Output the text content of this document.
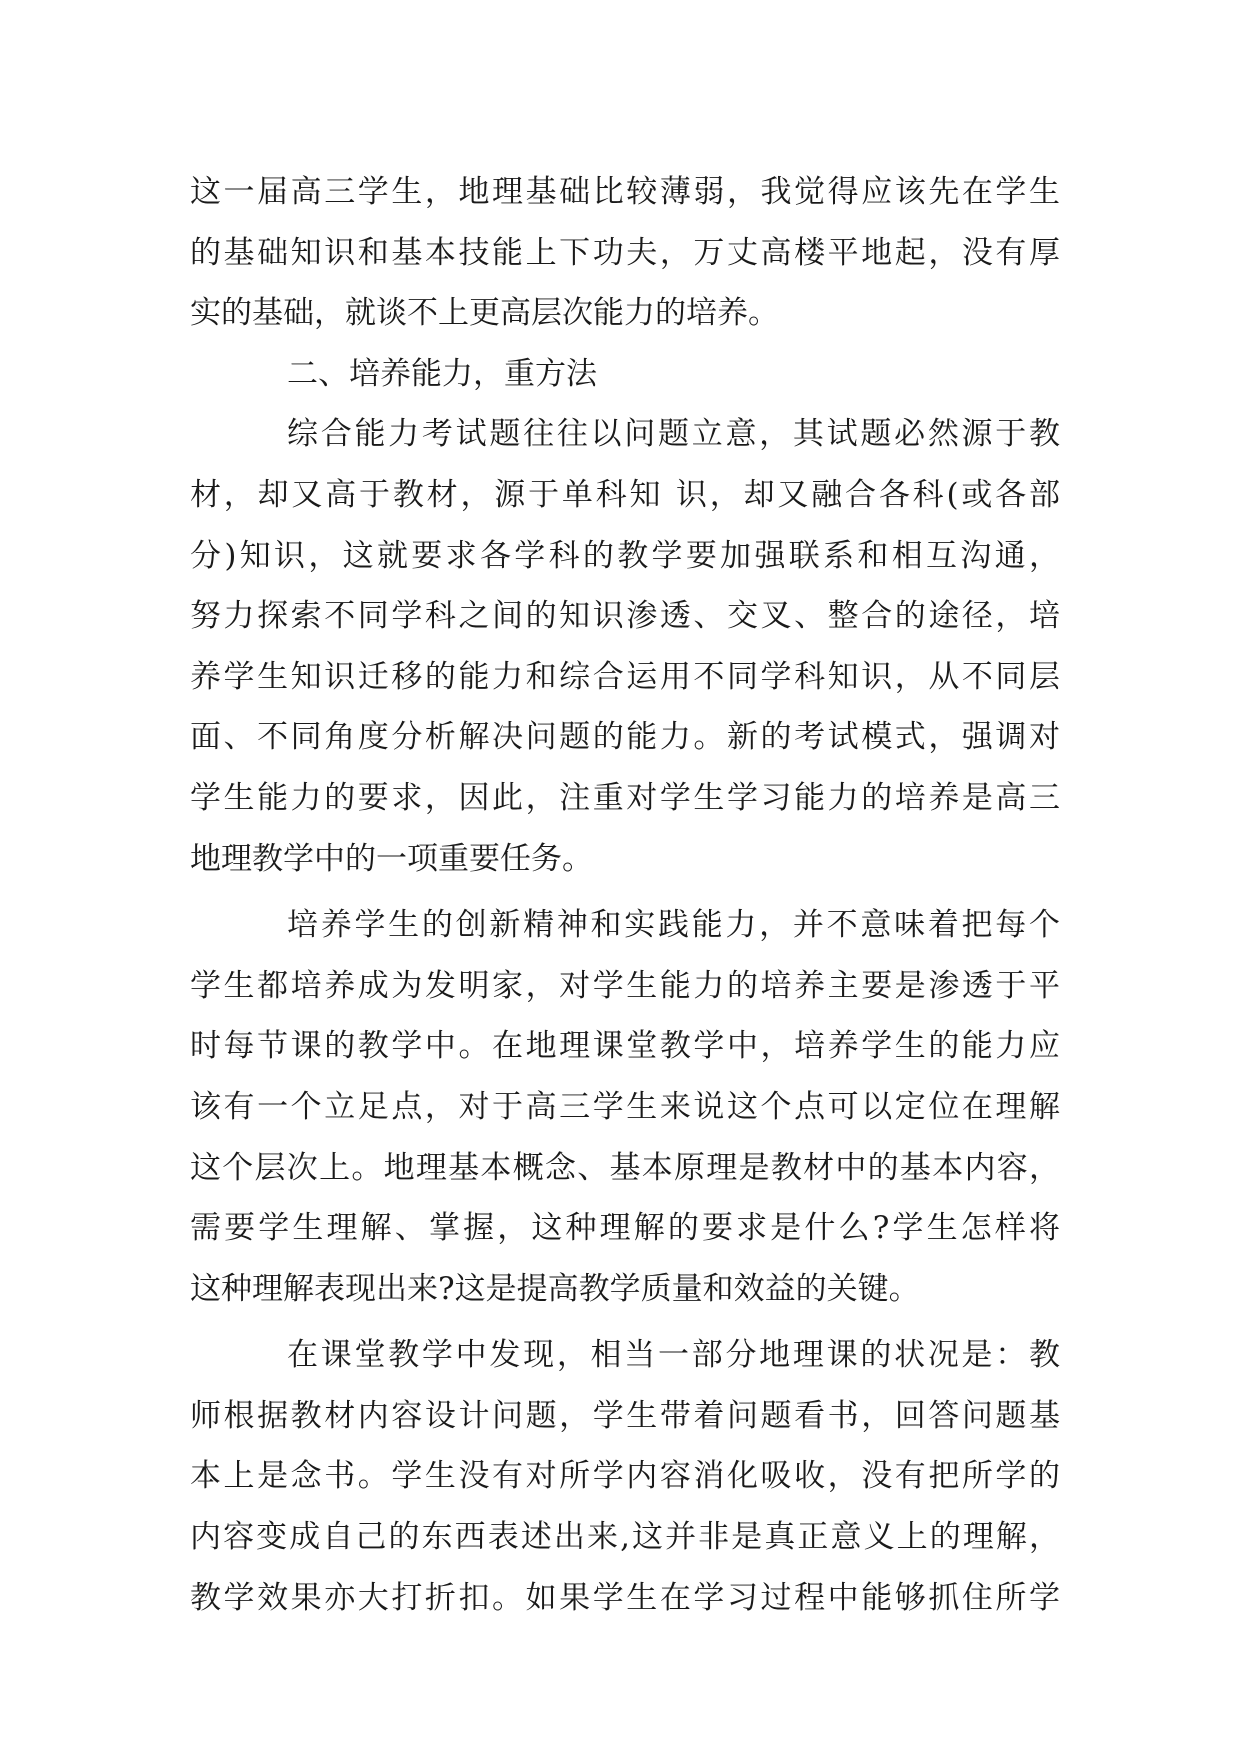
这一届高三学生，地理基础比较薄弱，我觉得应该先在学生
的基础知识和基本技能上下功夫，万丈高楼平地起，没有厚
实的基础，就谈不上更高层次能力的培养。
二、培养能力，重方法
综合能力考试题往往以问题立意，其试题必然源于教
材，却又高于教材，源于单科知 识，却又融合各科(或各部
分)知识，这就要求各学科的教学要加强联系和相互沟通，
努力探索不同学科之间的知识渗透、交叉、整合的途径，培
养学生知识迁移的能力和综合运用不同学科知识，从不同层
面、不同角度分析解决问题的能力。新的考试模式，强调对
学生能力的要求，因此，注重对学生学习能力的培养是高三
地理教学中的一项重要任务。
培养学生的创新精神和实践能力，并不意味着把每个
学生都培养成为发明家，对学生能力的培养主要是渗透于平
时每节课的教学中。在地理课堂教学中，培养学生的能力应
该有一个立足点，对于高三学生来说这个点可以定位在理解
这个层次上。地理基本概念、基本原理是教材中的基本内容，
需要学生理解、掌握，这种理解的要求是什么?学生怎样将
这种理解表现出来?这是提高教学质量和效益的关键。
在课堂教学中发现，相当一部分地理课的状况是：教
师根据教材内容设计问题，学生带着问题看书，回答问题基
本上是念书。学生没有对所学内容消化吸收，没有把所学的
内容变成自己的东西表述出来,这并非是真正意义上的理解，
教学效果亦大打折扣。如果学生在学习过程中能够抓住所学
